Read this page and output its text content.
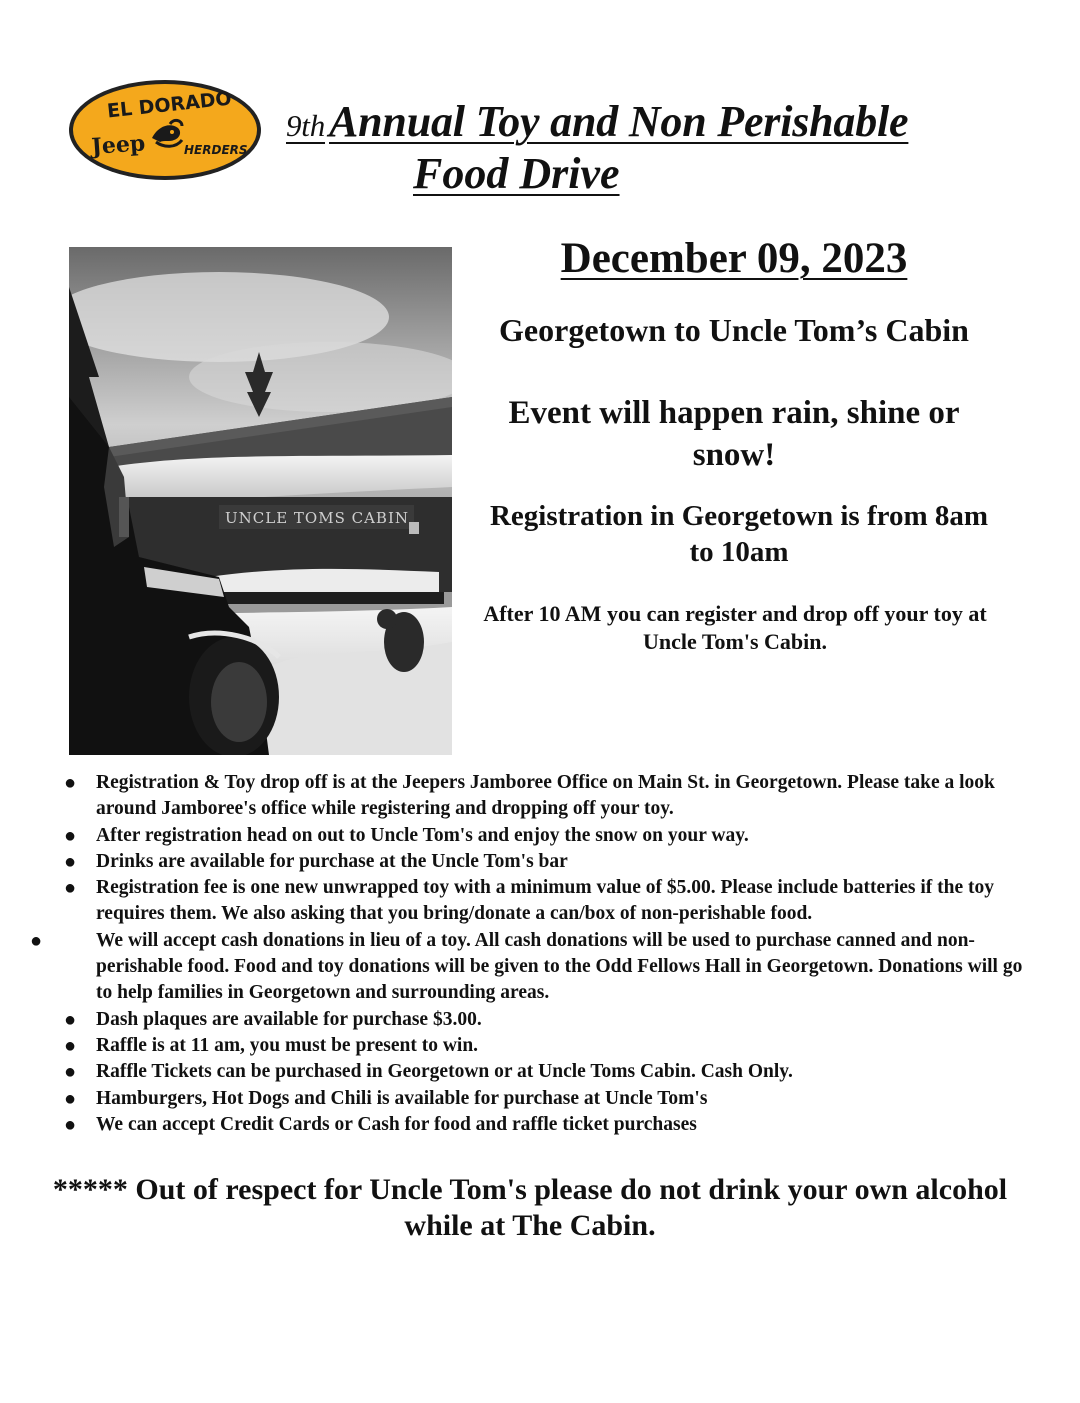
EL DORADO
Jeep	HERDERS
9thAnnual Toy and Non Perishable
Food Drive
UNCLE TOMS CABIN
December 09, 2023
Georgetown to Uncle Tom’s Cabin
Event will happen rain, shine or snow!
Registration in Georgetown is from 8am to 10am
After 10 AM you can register and drop off your toy at Uncle Tom's Cabin.
● Registration & Toy drop off is at the Jeepers Jamboree Office on Main St. in Georgetown. Please take a look around Jamboree's office while registering and dropping off your toy.
● After registration head on out to Uncle Tom's and enjoy the snow on your way.
● Drinks are available for purchase at the Uncle Tom's bar
● Registration fee is one new unwrapped toy with a minimum value of $5.00. Please include batteries if the toy requires them. We also asking that you bring/donate a can/box of non-perishable food.
●	We will accept cash donations in lieu of a toy. All cash donations will be used to purchase canned and non-perishable food. Food and toy donations will be given to the Odd Fellows Hall in Georgetown. Donations will go to help families in Georgetown and surrounding areas.
● Dash plaques are available for purchase $3.00.
● Raffle is at 11 am, you must be present to win.
● Raffle Tickets can be purchased in Georgetown or at Uncle Toms Cabin. Cash Only.
● Hamburgers, Hot Dogs and Chili is available for purchase at Uncle Tom's
● We can accept Credit Cards or Cash for food and raffle ticket purchases
***** Out of respect for Uncle Tom's please do not drink your own alcohol while at The Cabin.
